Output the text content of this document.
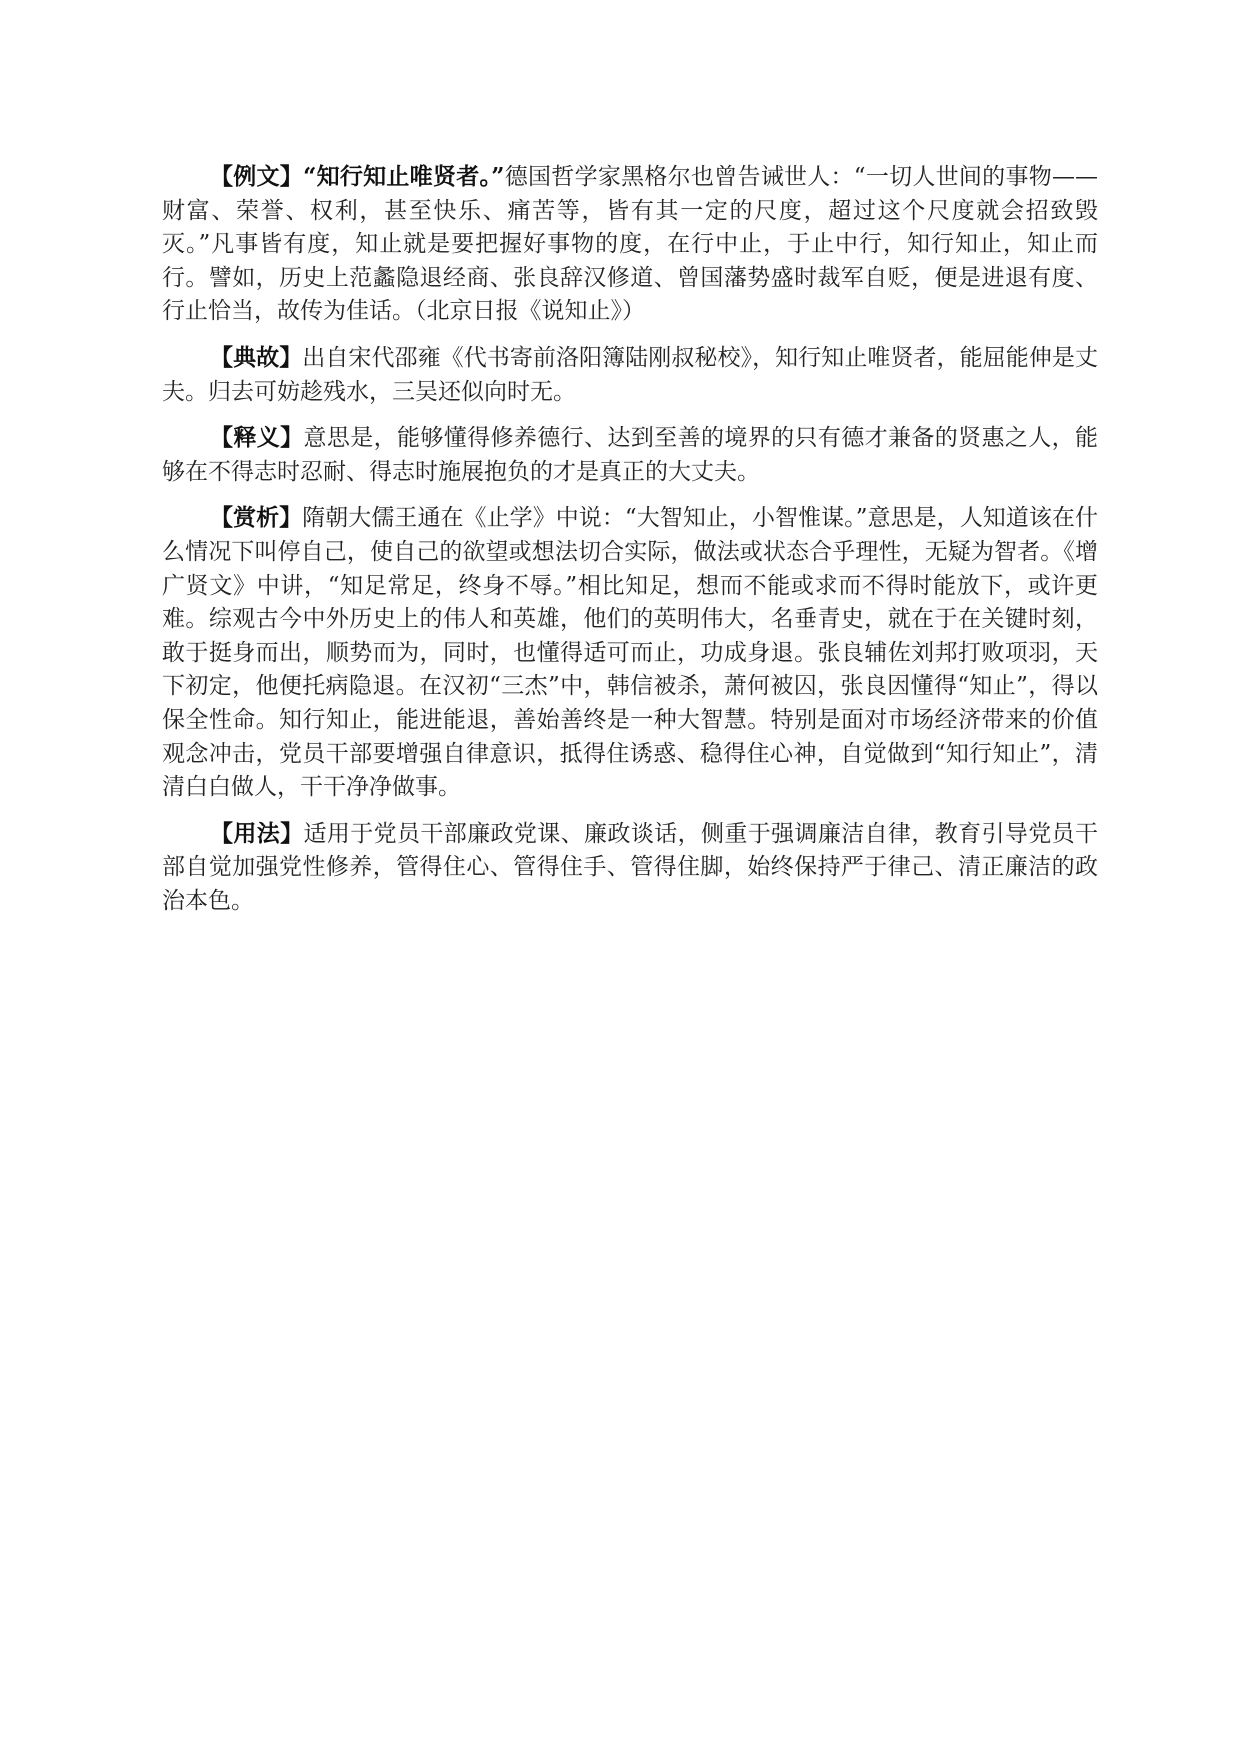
【例文】“知行知止唯贤者。”德国哲学家黑格尔也曾告诫世人：“一切人世间的事物——财富、荣誉、权利，甚至快乐、痛苦等，皆有其一定的尺度，超过这个尺度就会招致毁灭。”凡事皆有度，知止就是要把握好事物的度，在行中止，于止中行，知行知止，知止而行。譬如，历史上范蠡隐退经商、张良辞汉修道、曾国藩势盛时裁军自贬，便是进退有度、行止恰当，故传为佳话。（北京日报《说知止》）

【典故】出自宋代邵雍《代书寄前洛阳簿陆刚叔秘校》，知行知止唯贤者，能屈能伸是丈夫。归去可妨趁残水，三吴还似向时无。

【释义】意思是，能够懂得修养德行、达到至善的境界的只有德才兼备的贤惠之人，能够在不得志时忍耐、得志时施展抱负的才是真正的大丈夫。

【赏析】隋朝大儒王通在《止学》中说：“大智知止，小智惟谋。”意思是，人知道该在什么情况下叫停自己，使自己的欲望或想法切合实际，做法或状态合乎理性，无疑为智者。《增广贤文》中讲，“知足常足，终身不辱。”相比知足，想而不能或求而不得时能放下，或许更难。综观古今中外历史上的伟人和英雄，他们的英明伟大，名垂青史，就在于在关键时刻，敢于挺身而出，顺势而为，同时，也懂得适可而止，功成身退。张良辅佐刘邦打败项羽，天下初定，他便托病隐退。在汉初“三杰”中，韩信被杀，萧何被囚，张良因懂得“知止”，得以保全性命。知行知止，能进能退，善始善终是一种大智慧。特别是面对市场经济带来的价值观念冲击，党员干部要增强自律意识，抵得住诱惑、稳得住心神，自觉做到“知行知止”，清清白白做人，干干净净做事。

【用法】适用于党员干部廉政党课、廉政谈话，侧重于强调廉洁自律，教育引导党员干部自觉加强党性修养，管得住心、管得住手、管得住脚，始终保持严于律己、清正廉洁的政治本色。
